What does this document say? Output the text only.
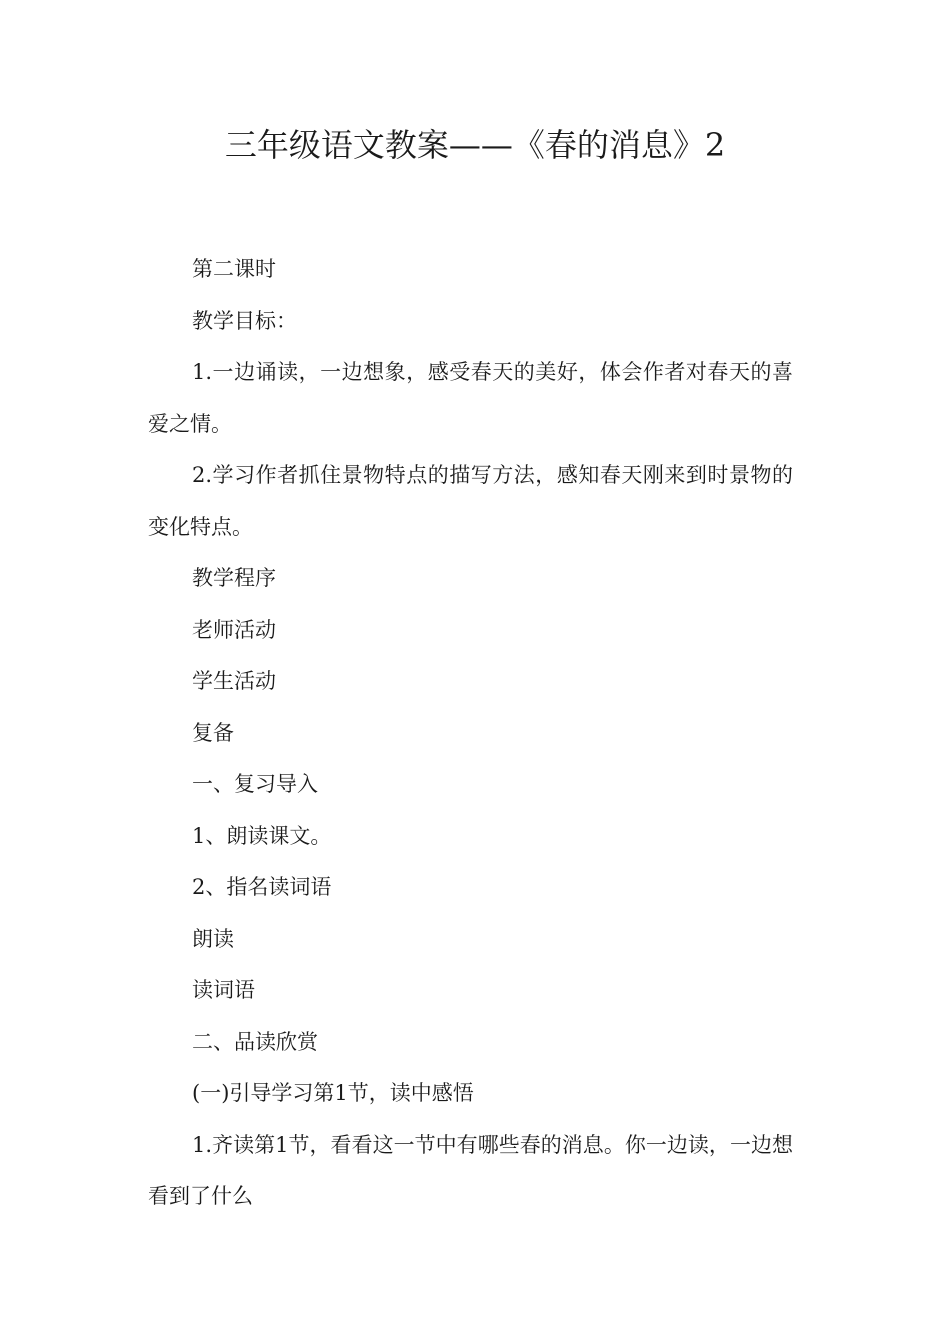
三年级语文教案——《春的消息》2

第二课时

教学目标：

1.一边诵读，一边想象，感受春天的美好，体会作者对春天的喜爱之情。

2.学习作者抓住景物特点的描写方法，感知春天刚来到时景物的变化特点。

教学程序

老师活动

学生活动

复备

一、复习导入

1、朗读课文。

2、指名读词语

朗读

读词语

二、品读欣赏

(一)引导学习第1节，读中感悟

1.齐读第1节，看看这一节中有哪些春的消息。你一边读，一边想看到了什么
